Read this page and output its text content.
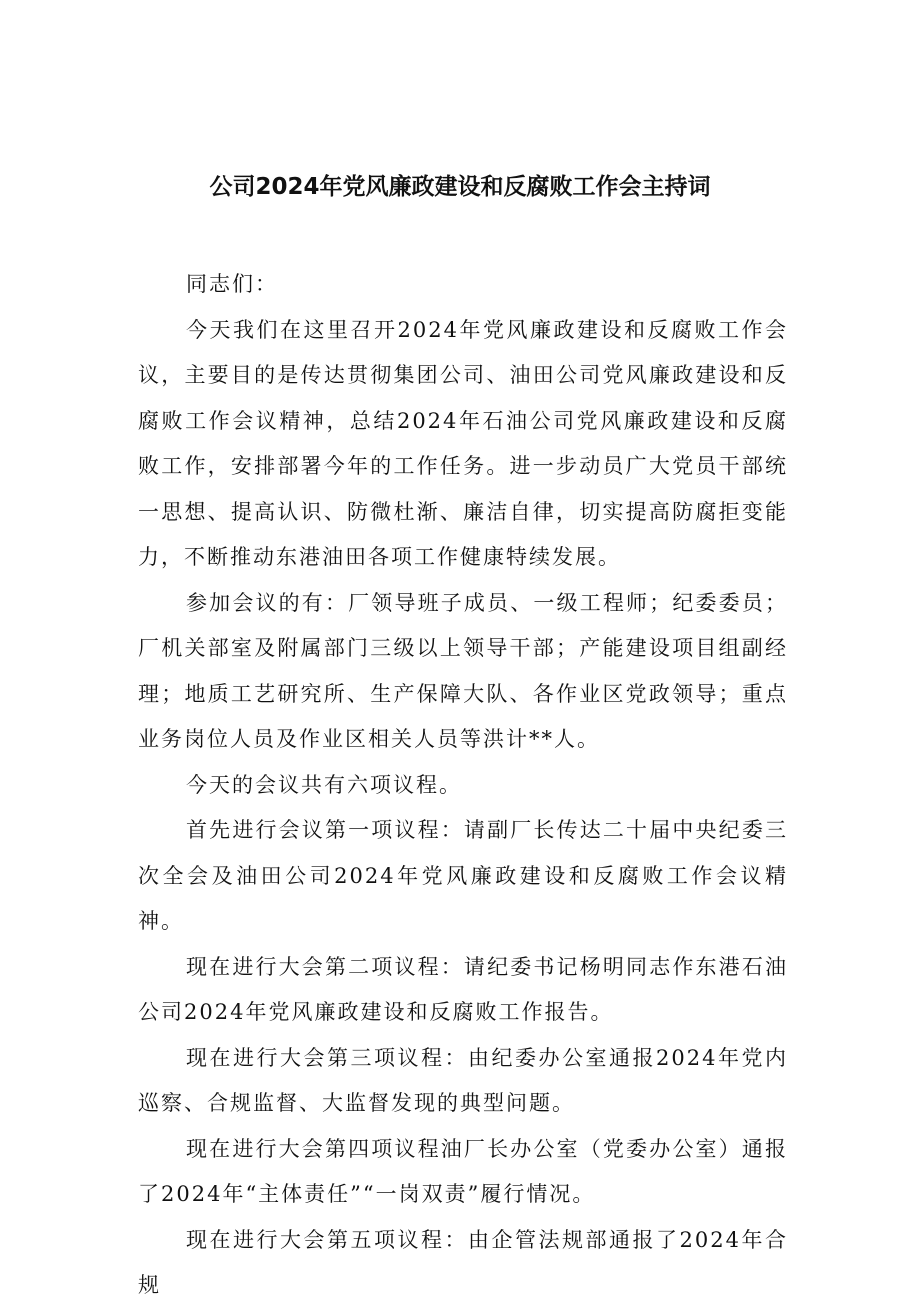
公司2024年党风廉政建设和反腐败工作会主持词

同志们：

今天我们在这里召开2024年党风廉政建设和反腐败工作会议，主要目的是传达贯彻集团公司、油田公司党风廉政建设和反腐败工作会议精神，总结2024年石油公司党风廉政建设和反腐败工作，安排部署今年的工作任务。进一步动员广大党员干部统一思想、提高认识、防微杜渐、廉洁自律，切实提高防腐拒变能力，不断推动东港油田各项工作健康特续发展。

参加会议的有：厂领导班子成员、一级工程师；纪委委员；厂机关部室及附属部门三级以上领导干部；产能建设项目组副经理；地质工艺研究所、生产保障大队、各作业区党政领导；重点业务岗位人员及作业区相关人员等洪计**人。

今天的会议共有六项议程。

首先进行会议第一项议程：请副厂长传达二十届中央纪委三次全会及油田公司2024年党风廉政建设和反腐败工作会议精神。

现在进行大会第二项议程：请纪委书记杨明同志作东港石油公司2024年党风廉政建设和反腐败工作报告。

现在进行大会第三项议程：由纪委办公室通报2024年党内巡察、合规监督、大监督发现的典型问题。

现在进行大会第四项议程油厂长办公室（党委办公室）通报了2024年“主体责任”“一岗双责”履行情况。

现在进行大会第五项议程：由企管法规部通报了2024年合规
